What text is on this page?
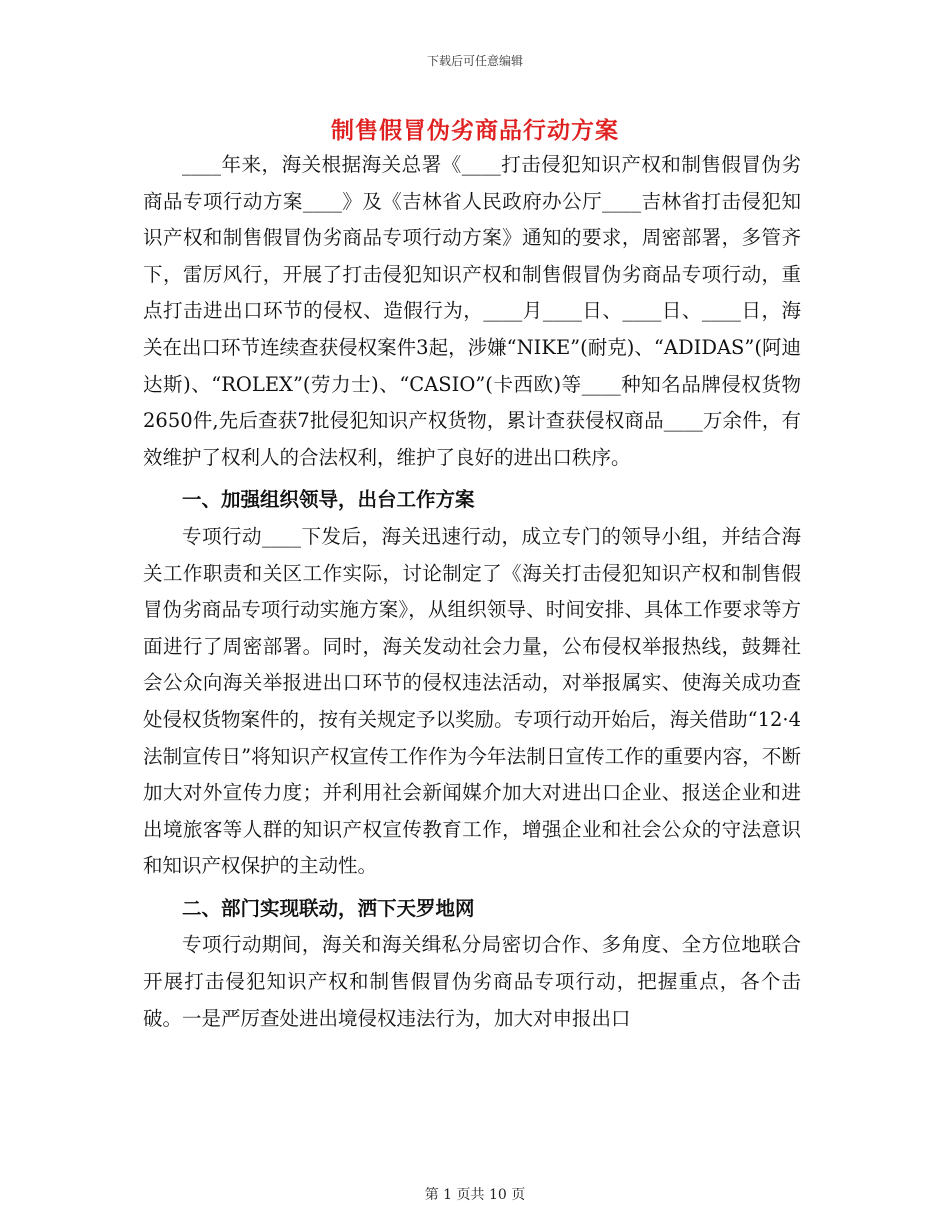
下载后可任意编辑
制售假冒伪劣商品行动方案

____年来，海关根据海关总署《____打击侵犯知识产权和制售假冒伪劣商品专项行动方案____》及《吉林省人民政府办公厅____吉林省打击侵犯知识产权和制售假冒伪劣商品专项行动方案》通知的要求，周密部署，多管齐下，雷厉风行，开展了打击侵犯知识产权和制售假冒伪劣商品专项行动，重点打击进出口环节的侵权、造假行为，____月____日、____日、____日，海关在出口环节连续查获侵权案件3起，涉嫌“NIKE”(耐克)、“ADIDAS”(阿迪达斯)、“ROLEX”(劳力士)、“CASIO”(卡西欧)等____种知名品牌侵权货物2650件,先后查获7批侵犯知识产权货物，累计查获侵权商品____万余件，有效维护了权利人的合法权利，维护了良好的进出口秩序。

一、加强组织领导，出台工作方案

专项行动____下发后，海关迅速行动，成立专门的领导小组，并结合海关工作职责和关区工作实际，讨论制定了《海关打击侵犯知识产权和制售假冒伪劣商品专项行动实施方案》，从组织领导、时间安排、具体工作要求等方面进行了周密部署。同时，海关发动社会力量，公布侵权举报热线，鼓舞社会公众向海关举报进出口环节的侵权违法活动，对举报属实、使海关成功查处侵权货物案件的，按有关规定予以奖励。专项行动开始后，海关借助“12·4法制宣传日”将知识产权宣传工作作为今年法制日宣传工作的重要内容，不断加大对外宣传力度；并利用社会新闻媒介加大对进出口企业、报送企业和进出境旅客等人群的知识产权宣传教育工作，增强企业和社会公众的守法意识和知识产权保护的主动性。

二、部门实现联动，洒下天罗地网

专项行动期间，海关和海关缉私分局密切合作、多角度、全方位地联合开展打击侵犯知识产权和制售假冒伪劣商品专项行动，把握重点，各个击破。一是严厉查处进出境侵权违法行为，加大对申报出口

第 1 页共 10 页
